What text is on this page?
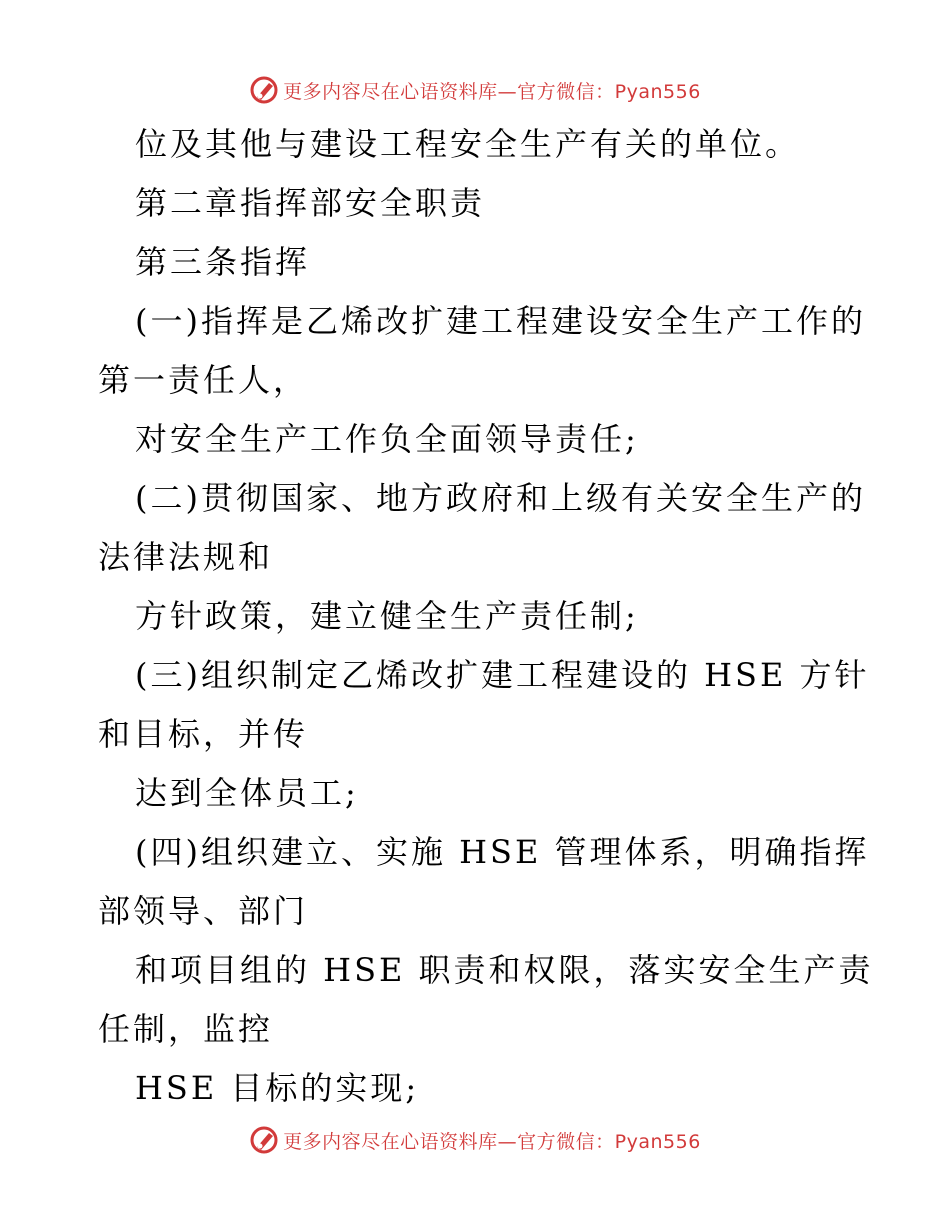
更多内容尽在心语资料库—官方微信：Pyan556
位及其他与建设工程安全生产有关的单位。
第二章指挥部安全职责
第三条指挥
(一)指挥是乙烯改扩建工程建设安全生产工作的
第一责任人，
对安全生产工作负全面领导责任;
(二)贯彻国家、地方政府和上级有关安全生产的
法律法规和
方针政策，建立健全生产责任制;
(三)组织制定乙烯改扩建工程建设的 HSE 方针
和目标，并传
达到全体员工;
(四)组织建立、实施 HSE 管理体系，明确指挥
部领导、部门
和项目组的 HSE 职责和权限，落实安全生产责
任制，监控
HSE 目标的实现;
更多内容尽在心语资料库—官方微信：Pyan556
